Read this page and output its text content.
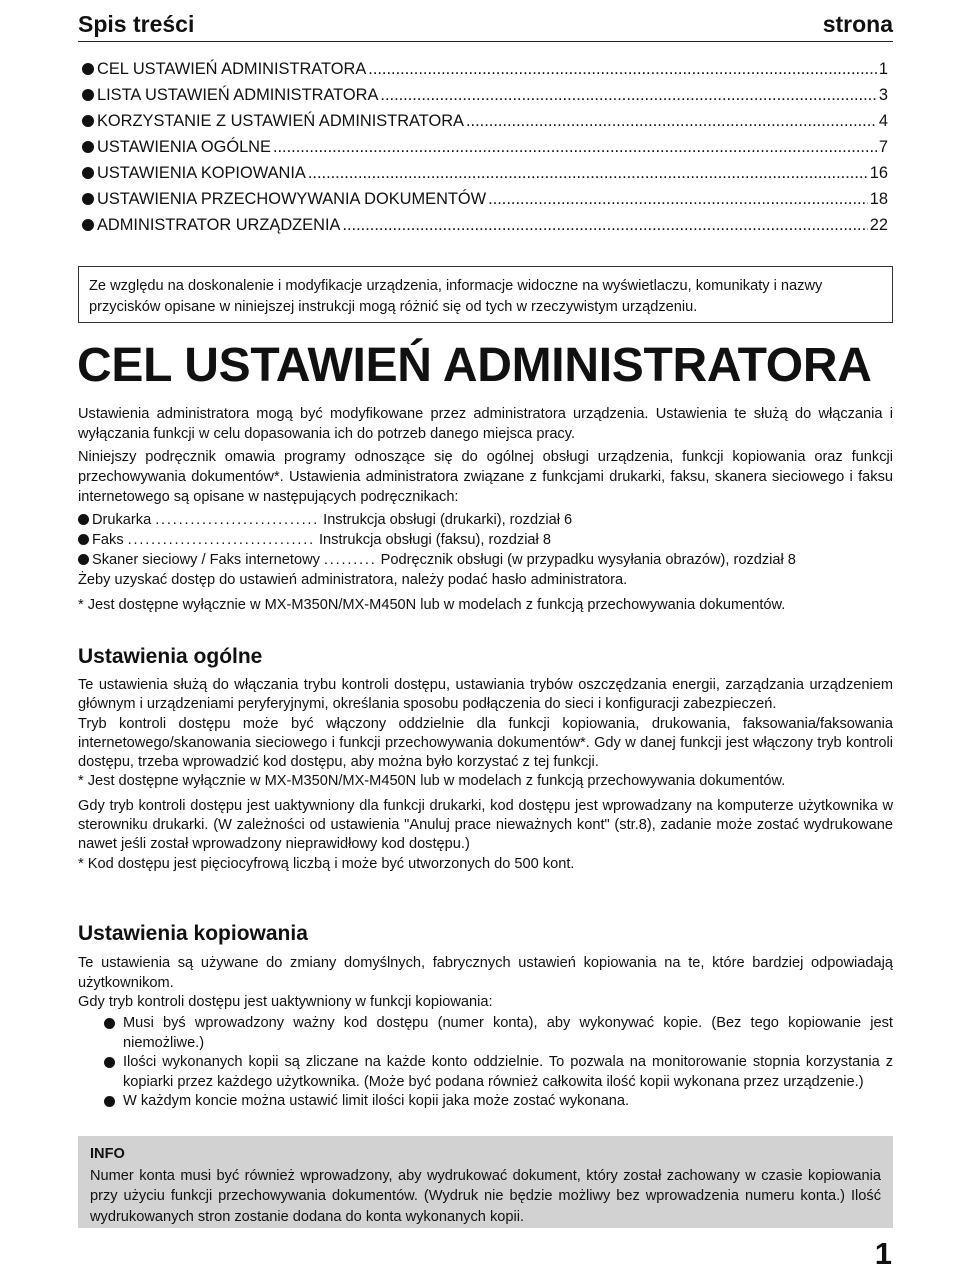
Spis treści	strona
CEL USTAWIEŃ ADMINISTRATORA .....	1
LISTA USTAWIEŃ ADMINISTRATORA .....	3
KORZYSTANIE Z USTAWIEŃ ADMINISTRATORA .....	4
USTAWIENIA OGÓLNE .....	7
USTAWIENIA KOPIOWANIA .....	16
USTAWIENIA PRZECHOWYWANIA DOKUMENTÓW .....	18
ADMINISTRATOR URZĄDZENIA .....	22
Ze względu na doskonalenie i modyfikacje urządzenia, informacje widoczne na wyświetlaczu, komunikaty i nazwy przycisków opisane w niniejszej instrukcji mogą różnić się od tych w rzeczywistym urządzeniu.
CEL USTAWIEŃ ADMINISTRATORA

Ustawienia administratora mogą być modyfikowane przez administratora urządzenia. Ustawienia te służą do włączania i wyłączania funkcji w celu dopasowania ich do potrzeb danego miejsca pracy.

Niniejszy podręcznik omawia programy odnoszące się do ogólnej obsługi urządzenia, funkcji kopiowania oraz funkcji przechowywania dokumentów*. Ustawienia administratora związane z funkcjami drukarki, faksu, skanera sieciowego i faksu internetowego są opisane w następujących podręcznikach:

Drukarka ............................ Instrukcja obsługi (drukarki), rozdział 6
Faks ................................ Instrukcja obsługi (faksu), rozdział 8
Skaner sieciowy / Faks internetowy ......... Podręcznik obsługi (w przypadku wysyłania obrazów), rozdział 8

Żeby uzyskać dostęp do ustawień administratora, należy podać hasło administratora.

* Jest dostępne wyłącznie w MX-M350N/MX-M450N lub w modelach z funkcją przechowywania dokumentów.

Ustawienia ogólne

Te ustawienia służą do włączania trybu kontroli dostępu, ustawiania trybów oszczędzania energii, zarządzania urządzeniem głównym i urządzeniami peryferyjnymi, określania sposobu podłączenia do sieci i konfiguracji zabezpieczeń.

Tryb kontroli dostępu może być włączony oddzielnie dla funkcji kopiowania, drukowania, faksowania/faksowania internetowego/skanowania sieciowego i funkcji przechowywania dokumentów*. Gdy w danej funkcji jest włączony tryb kontroli dostępu, trzeba wprowadzić kod dostępu, aby można było korzystać z tej funkcji.

* Jest dostępne wyłącznie w MX-M350N/MX-M450N lub w modelach z funkcją przechowywania dokumentów.

Gdy tryb kontroli dostępu jest uaktywniony dla funkcji drukarki, kod dostępu jest wprowadzany na komputerze użytkownika w sterowniku drukarki. (W zależności od ustawienia "Anuluj prace nieważnych kont" (str.8), zadanie może zostać wydrukowane nawet jeśli został wprowadzony nieprawidłowy kod dostępu.)

* Kod dostępu jest pięciocyfrową liczbą i może być utworzonych do 500 kont.

Ustawienia kopiowania

Te ustawienia są używane do zmiany domyślnych, fabrycznych ustawień kopiowania na te, które bardziej odpowiadają użytkownikom.

Gdy tryb kontroli dostępu jest uaktywniony w funkcji kopiowania:

Musi byś wprowadzony ważny kod dostępu (numer konta), aby wykonywać kopie. (Bez tego kopiowanie jest niemożliwe.)
Ilości wykonanych kopii są zliczane na każde konto oddzielnie. To pozwala na monitorowanie stopnia korzystania z kopiarki przez każdego użytkownika. (Może być podana również całkowita ilość kopii wykonana przez urządzenie.)
W każdym koncie można ustawić limit ilości kopii jaka może zostać wykonana.
INFO
Numer konta musi być również wprowadzony, aby wydrukować dokument, który został zachowany w czasie kopiowania przy użyciu funkcji przechowywania dokumentów. (Wydruk nie będzie możliwy bez wprowadzenia numeru konta.) Ilość wydrukowanych stron zostanie dodana do konta wykonanych kopii.
1
